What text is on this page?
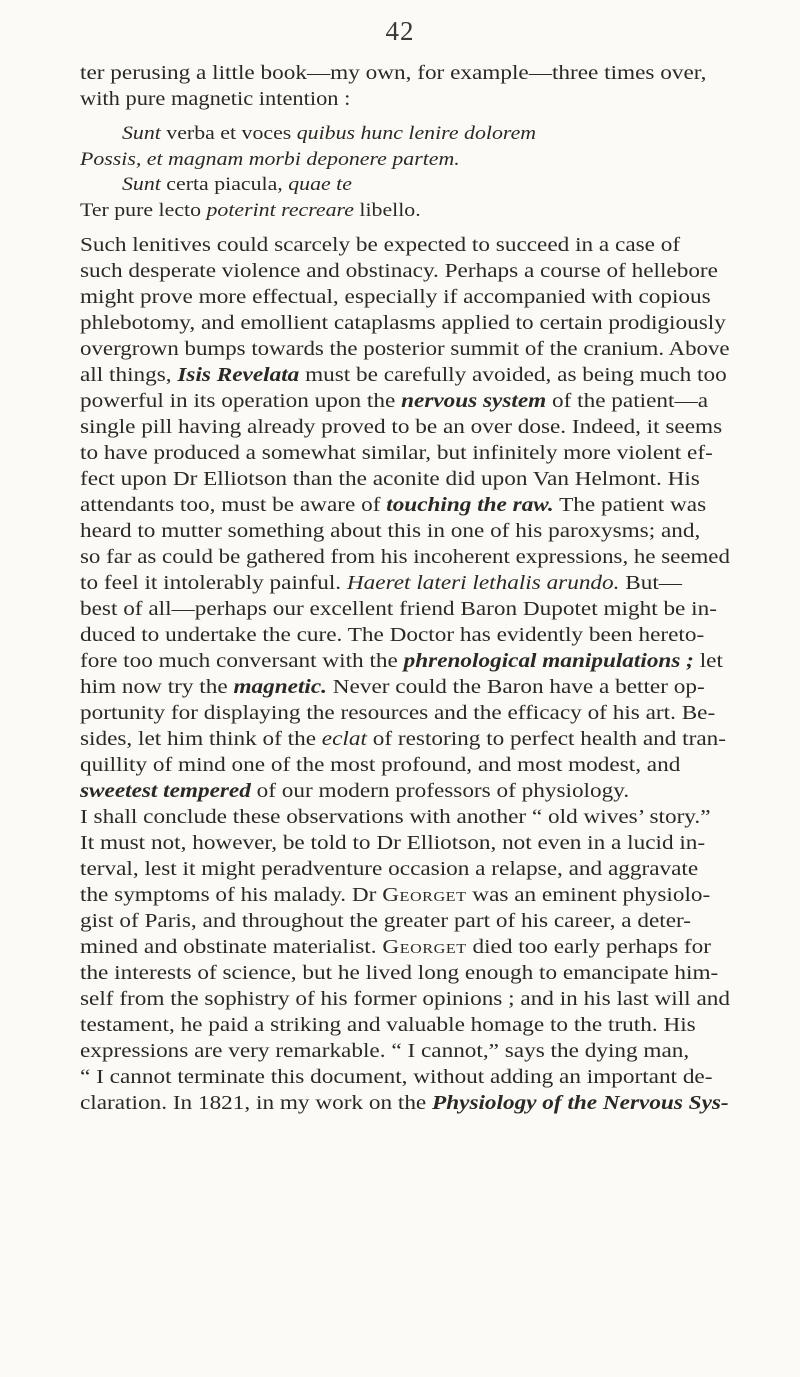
42
ter perusing a little book—my own, for example—three times over,
with pure magnetic intention :
Sunt verba et voces quibus hunc lenire dolorem
Possis, et magnam morbi deponere partem.
Sunt certa piacula, quae te
Ter pure lecto poterint recreare libello.
Such lenitives could scarcely be expected to succeed in a case of
such desperate violence and obstinacy. Perhaps a course of hellebore
might prove more effectual, especially if accompanied with copious
phlebotomy, and emollient cataplasms applied to certain prodigiously
overgrown bumps towards the posterior summit of the cranium. Above
all things, Isis Revelata must be carefully avoided, as being much too
powerful in its operation upon the nervous system of the patient—a
single pill having already proved to be an over dose. Indeed, it seems
to have produced a somewhat similar, but infinitely more violent ef-
fect upon Dr Elliotson than the aconite did upon Van Helmont. His
attendants too, must be aware of touching the raw. The patient was
heard to mutter something about this in one of his paroxysms; and,
so far as could be gathered from his incoherent expressions, he seemed
to feel it intolerably painful. Haeret lateri lethalis arundo. But—
best of all—perhaps our excellent friend Baron Dupotet might be in-
duced to undertake the cure. The Doctor has evidently been hereto-
fore too much conversant with the phrenological manipulations ; let
him now try the magnetic. Never could the Baron have a better op-
portunity for displaying the resources and the efficacy of his art. Be-
sides, let him think of the eclat of restoring to perfect health and tran-
quillity of mind one of the most profound, and most modest, and
sweetest tempered of our modern professors of physiology.
I shall conclude these observations with another “ old wives’ story.”
It must not, however, be told to Dr Elliotson, not even in a lucid in-
terval, lest it might peradventure occasion a relapse, and aggravate
the symptoms of his malady. Dr Georget was an eminent physiolo-
gist of Paris, and throughout the greater part of his career, a deter-
mined and obstinate materialist. Georget died too early perhaps for
the interests of science, but he lived long enough to emancipate him-
self from the sophistry of his former opinions ; and in his last will and
testament, he paid a striking and valuable homage to the truth. His
expressions are very remarkable. “ I cannot,” says the dying man,
“ I cannot terminate this document, without adding an important de-
claration. In 1821, in my work on the Physiology of the Nervous Sys-
